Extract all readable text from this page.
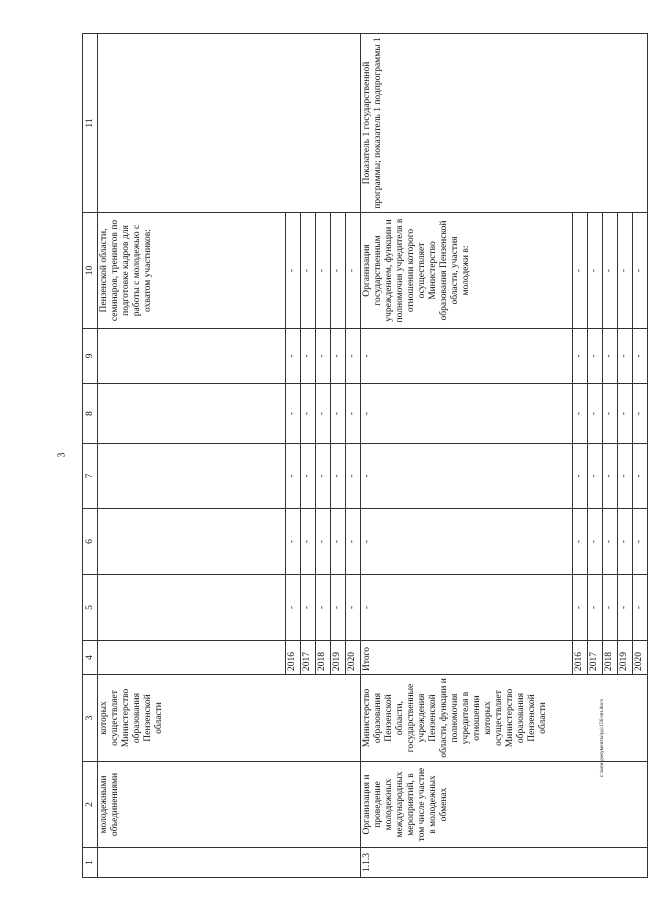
3
1	2	3	4	5	6	7	8	9	10	11
	молодежными объединениями	которых осуществляет Министерство образования Пензенской области							Пензенской области, семинаров, тренингов по подготовке кадров для работы с молодежью с охватом участников:	
			2016	-	-	-	-	-	-	
			2017	-	-	-	-	-	-	
			2018	-	-	-	-	-	-	
			2019	-	-	-	-	-	-	
			2020	-	-	-	-	-	-	
1.1.3	Организация и проведение молодежных международных мероприятий, в том числе участие в молодежных обменах	Министерство образования Пензенской области, государственные учреждения Пензенской области, функции и полномочия учредителя в отношении которых осуществляет Министерство образования Пензенской области	Итого	-	-	-	-	-	Организация государственным учреждением, функции и полномочия учредителя в отношении которого осуществляет Министерство образования Пензенской области, участия молодежи в:	Показатель 1 государственной программы; показатель 1 подпрограммы 1
			2016	-	-	-	-	-	-	
			2017	-	-	-	-	-	-	
			2018	-	-	-	-	-	-	
			2019	-	-	-	-	-	-	
			2020	-	-	-	-	-	-	
c:\мои документы\рд\156-пп.docx
